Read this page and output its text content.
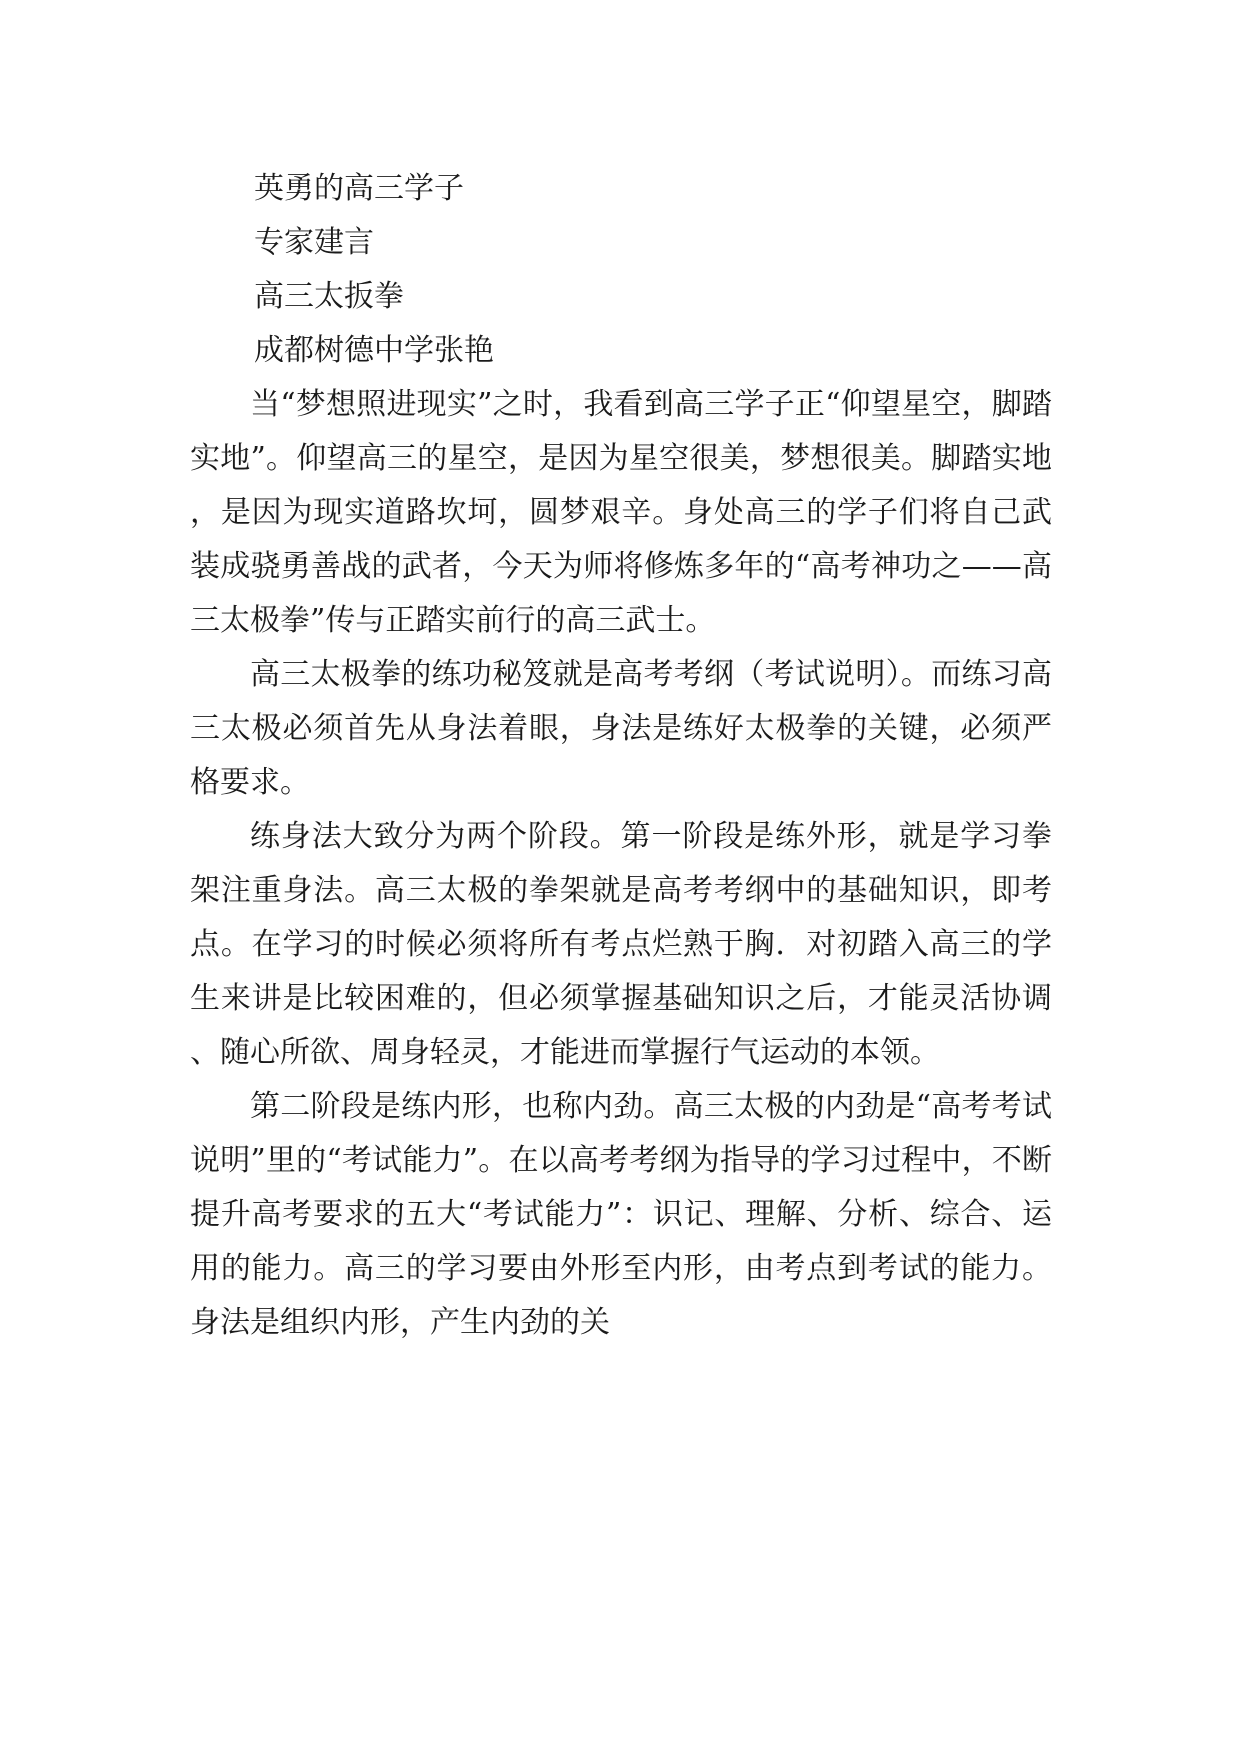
英勇的高三学子
专家建言
高三太扳拳
成都树德中学张艳

当“梦想照进现实”之时，我看到高三学子正“仰望星空，脚踏实地”。仰望高三的星空，是因为星空很美，梦想很美。脚踏实地，是因为现实道路坎坷，圆梦艰辛。身处高三的学子们将自己武装成骁勇善战的武者，今天为师将修炼多年的“高考神功之——高三太极拳”传与正踏实前行的高三武士。

高三太极拳的练功秘笈就是高考考纲（考试说明）。而练习高三太极必须首先从身法着眼，身法是练好太极拳的关键，必须严格要求。

练身法大致分为两个阶段。第一阶段是练外形，就是学习拳架注重身法。高三太极的拳架就是高考考纲中的基础知识，即考点。在学习的时候必须将所有考点烂熟于胸．对初踏入高三的学生来讲是比较困难的，但必须掌握基础知识之后，才能灵活协调、随心所欲、周身轻灵，才能进而掌握行气运动的本领。

第二阶段是练内形，也称内劲。高三太极的内劲是“高考考试说明”里的“考试能力”。在以高考考纲为指导的学习过程中，不断提升高考要求的五大“考试能力”：识记、理解、分析、综合、运用的能力。高三的学习要由外形至内形，由考点到考试的能力。身法是组织内形，产生内劲的关
